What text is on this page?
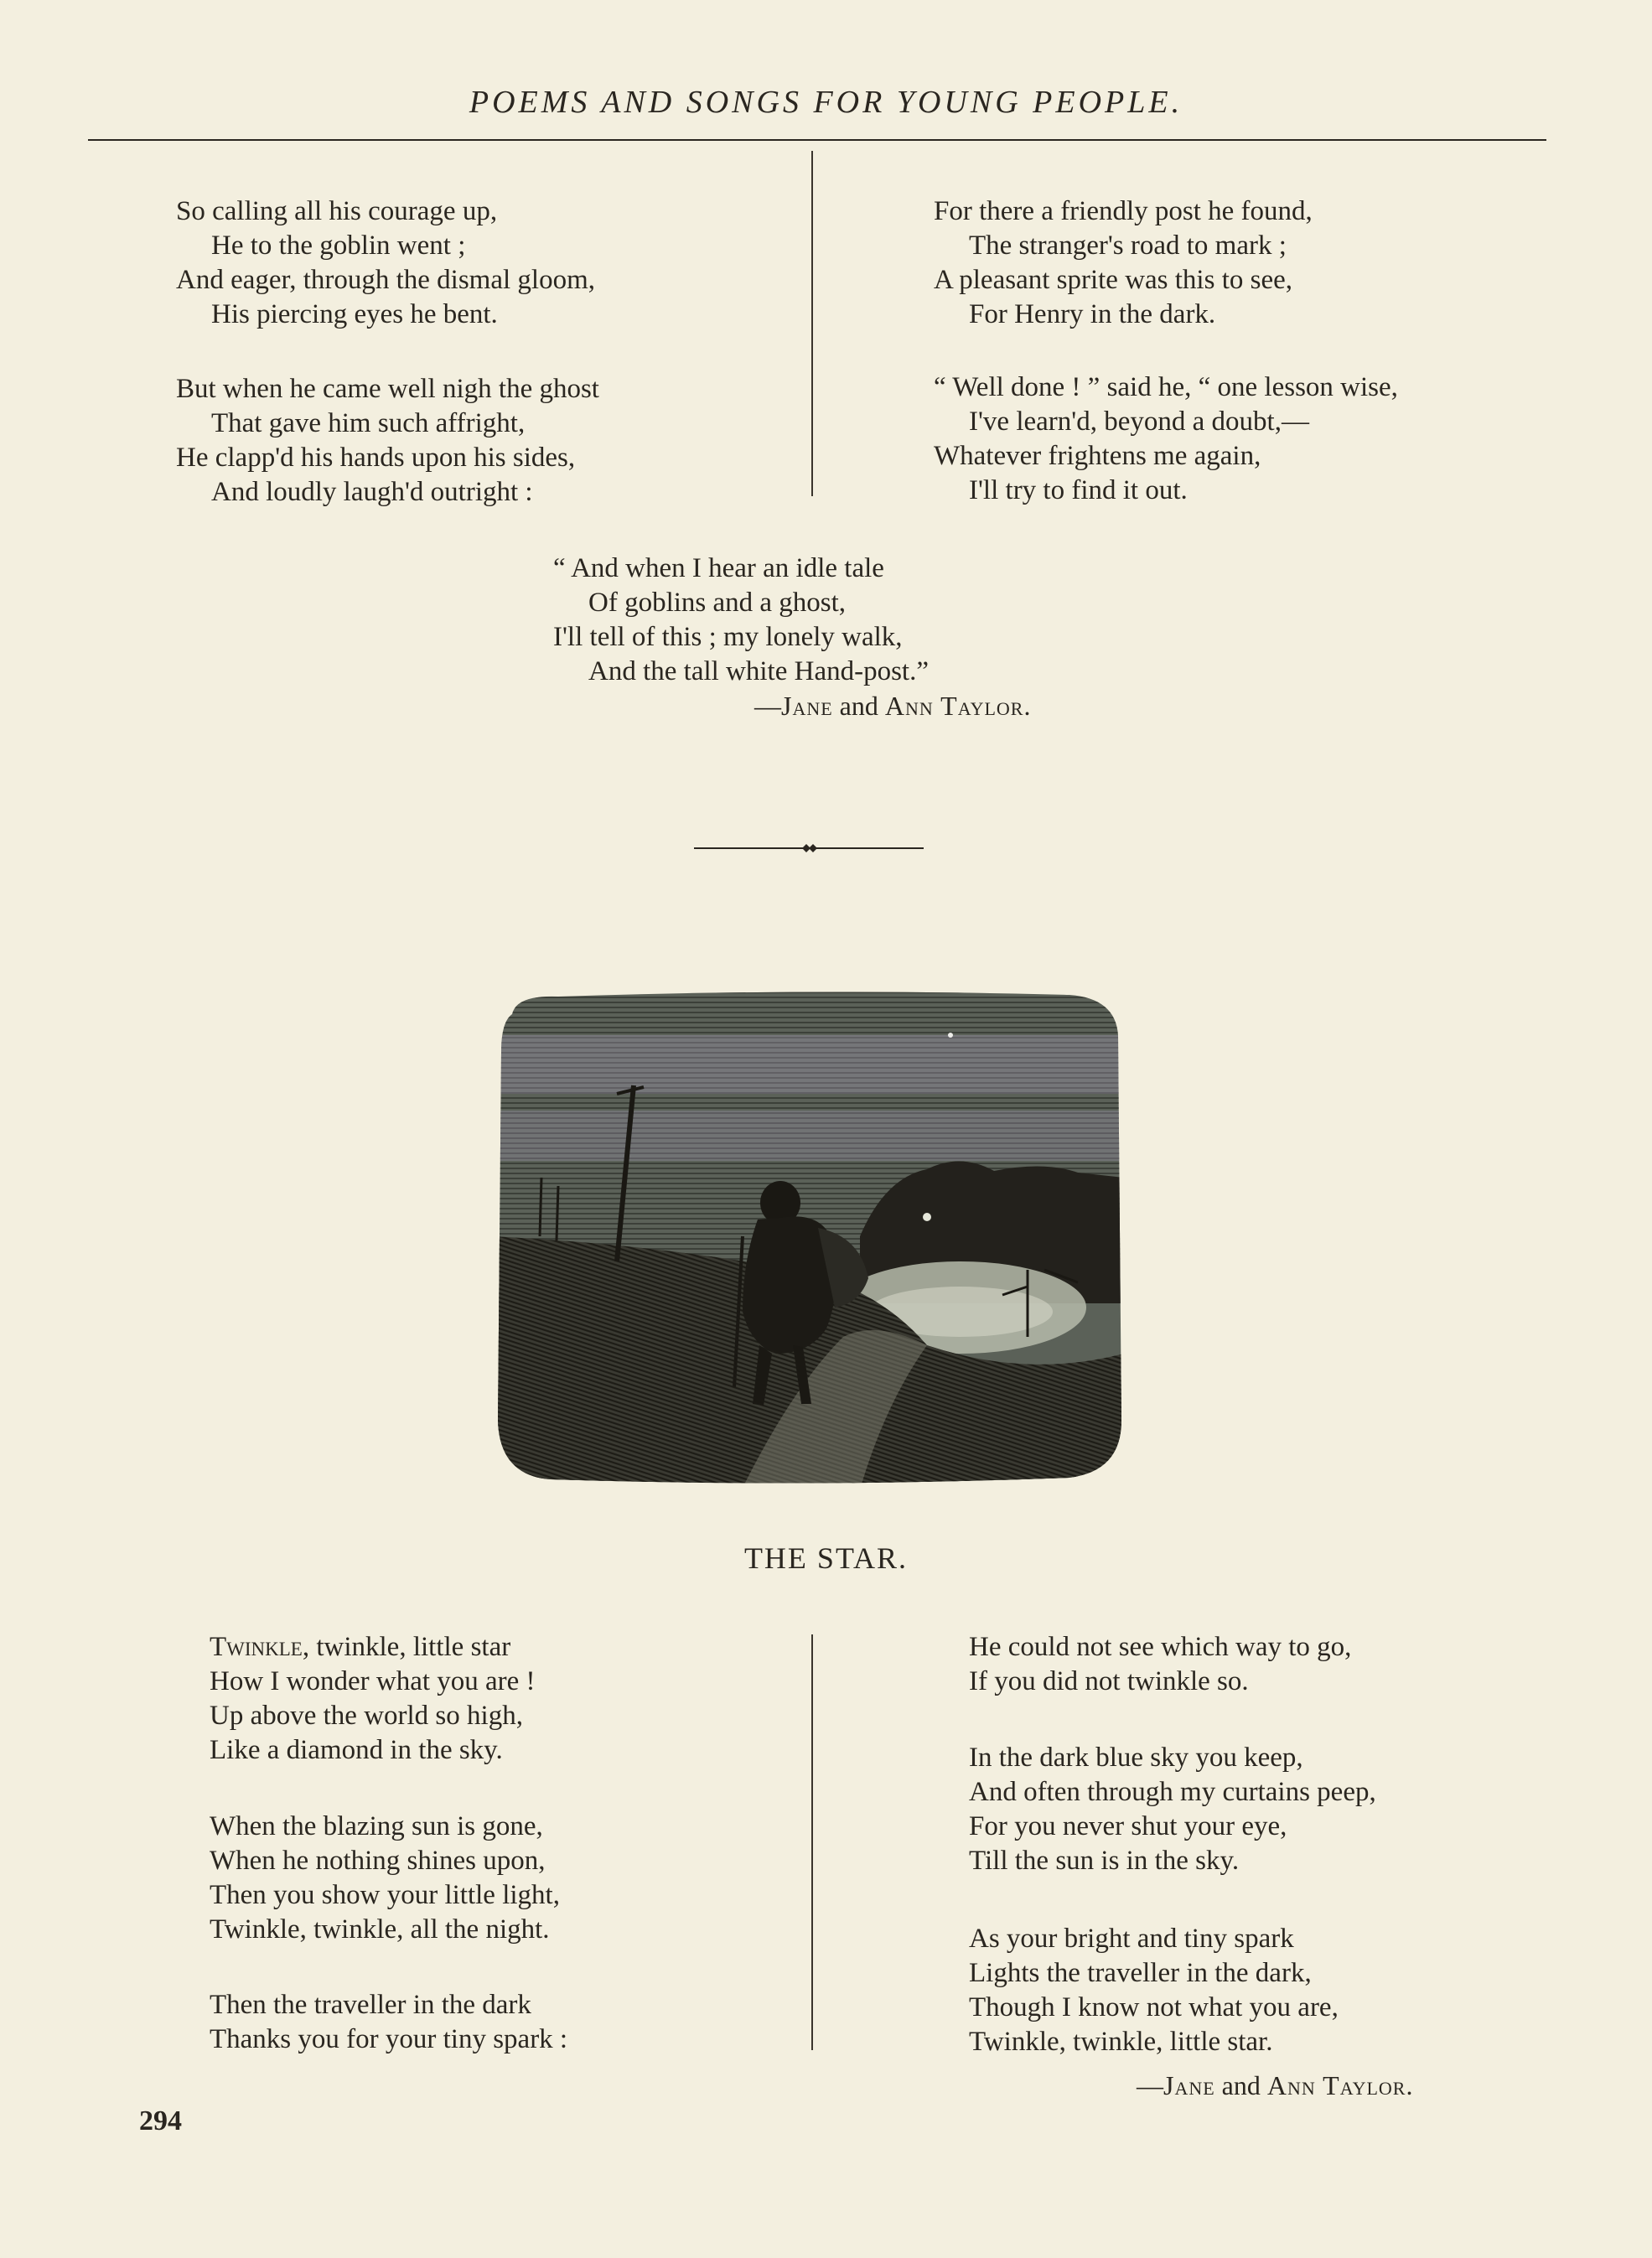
POEMS AND SONGS FOR YOUNG PEOPLE.
So calling all his courage up,
He to the goblin went ;
And eager, through the dismal gloom,
His piercing eyes he bent.
But when he came well nigh the ghost
That gave him such affright,
He clapp'd his hands upon his sides,
And loudly laugh'd outright :
For there a friendly post he found,
The stranger's road to mark ;
A pleasant sprite was this to see,
For Henry in the dark.
“ Well done ! ” said he, “ one lesson wise,
I've learn'd, beyond a doubt,—
Whatever frightens me again,
I'll try to find it out.
“ And when I hear an idle tale
Of goblins and a ghost,
I'll tell of this ; my lonely walk,
And the tall white Hand-post.”
—Jane and Ann Taylor.
THE STAR.
Twinkle, twinkle, little star
How I wonder what you are !
Up above the world so high,
Like a diamond in the sky.
When the blazing sun is gone,
When he nothing shines upon,
Then you show your little light,
Twinkle, twinkle, all the night.
Then the traveller in the dark
Thanks you for your tiny spark :
He could not see which way to go,
If you did not twinkle so.
In the dark blue sky you keep,
And often through my curtains peep,
For you never shut your eye,
Till the sun is in the sky.
As your bright and tiny spark
Lights the traveller in the dark,
Though I know not what you are,
Twinkle, twinkle, little star.
—Jane and Ann Taylor.
294
